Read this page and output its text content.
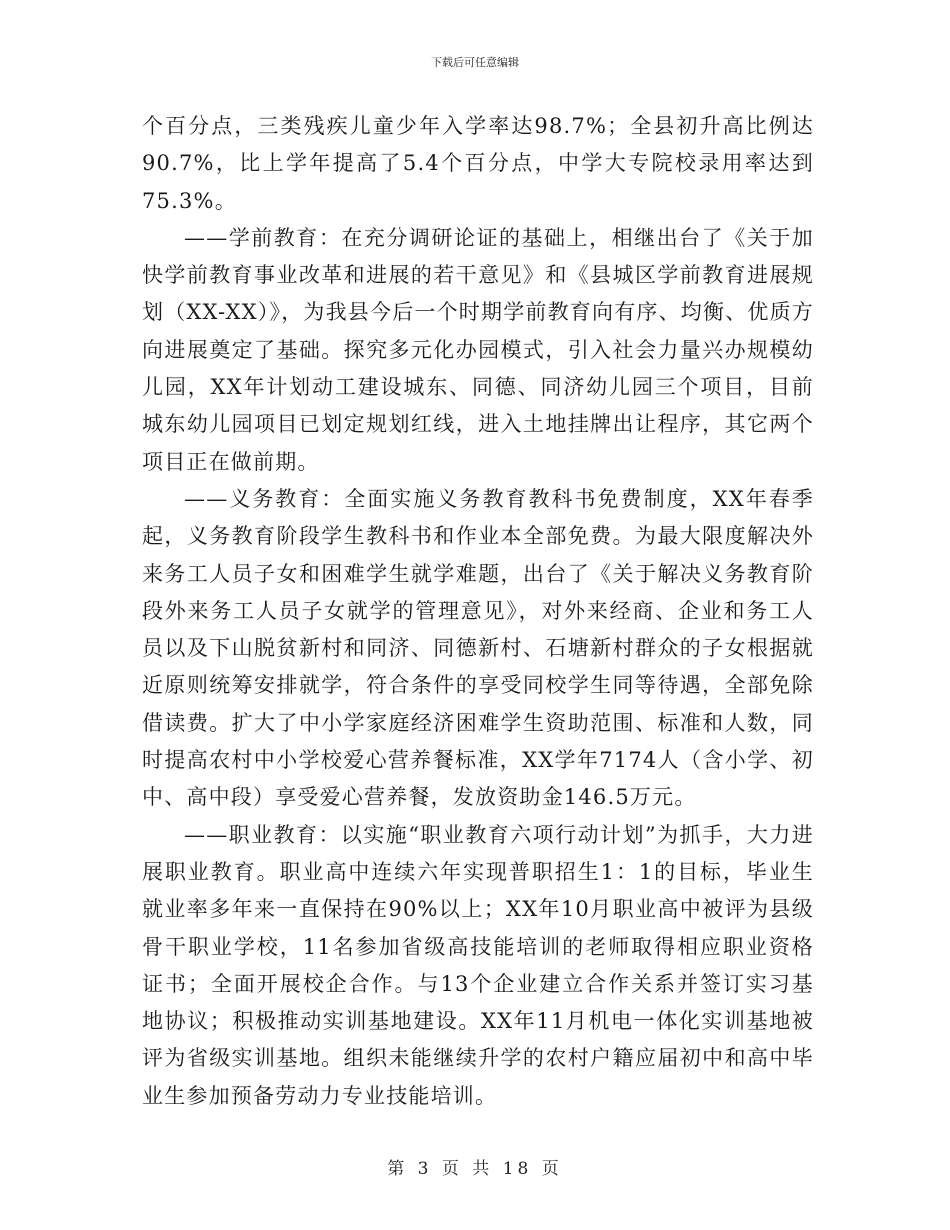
下载后可任意编辑

个百分点，三类残疾儿童少年入学率达98.7%；全县初升高比例达90.7%，比上学年提高了5.4个百分点，中学大专院校录用率达到75.3%。

——学前教育：在充分调研论证的基础上，相继出台了《关于加快学前教育事业改革和进展的若干意见》和《县城区学前教育进展规划（XX-XX）》，为我县今后一个时期学前教育向有序、均衡、优质方向进展奠定了基础。探究多元化办园模式，引入社会力量兴办规模幼儿园，XX年计划动工建设城东、同德、同济幼儿园三个项目，目前城东幼儿园项目已划定规划红线，进入土地挂牌出让程序，其它两个项目正在做前期。

——义务教育：全面实施义务教育教科书免费制度，XX年春季起，义务教育阶段学生教科书和作业本全部免费。为最大限度解决外来务工人员子女和困难学生就学难题，出台了《关于解决义务教育阶段外来务工人员子女就学的管理意见》，对外来经商、企业和务工人员以及下山脱贫新村和同济、同德新村、石塘新村群众的子女根据就近原则统筹安排就学，符合条件的享受同校学生同等待遇，全部免除借读费。扩大了中小学家庭经济困难学生资助范围、标准和人数，同时提高农村中小学校爱心营养餐标准，XX学年7174人（含小学、初中、高中段）享受爱心营养餐，发放资助金146.5万元。

——职业教育：以实施“职业教育六项行动计划”为抓手，大力进展职业教育。职业高中连续六年实现普职招生1：1的目标，毕业生就业率多年来一直保持在90%以上；XX年10月职业高中被评为县级骨干职业学校，11名参加省级高技能培训的老师取得相应职业资格证书；全面开展校企合作。与13个企业建立合作关系并签订实习基地协议；积极推动实训基地建设。XX年11月机电一体化实训基地被评为省级实训基地。组织未能继续升学的农村户籍应届初中和高中毕业生参加预备劳动力专业技能培训。

第 3 页 共 18 页
